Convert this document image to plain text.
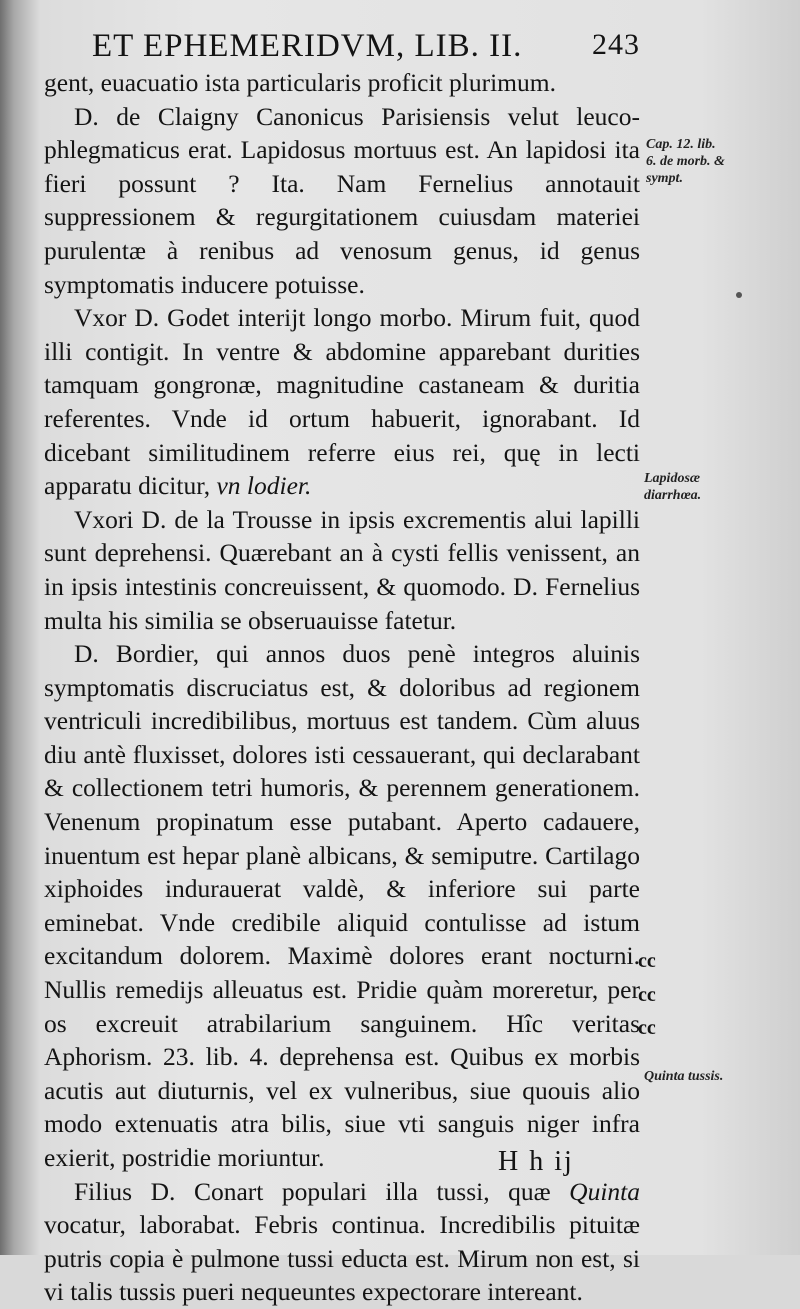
ET EPHEMERIDVM, LIB. II. 243

gent, euacuatio ista particularis proficit plurimum.

D. de Claigny Canonicus Parisiensis velut leuco-phlegmaticus erat. Lapidosus mortuus est. An lapidosi ita fieri possunt ? Ita. Nam Fernelius annotauit suppressionem & regurgitationem cuiusdam materiei purulentæ à renibus ad venosum genus, id genus symptomatis inducere potuisse.

Vxor D. Godet interijt longo morbo. Mirum fuit, quod illi contigit. In ventre & abdomine apparebant durities tamquam gongronæ, magnitudine castaneam & duritia referentes. Vnde id ortum habuerit, ignorabant. Id dicebant similitudinem referre eius rei, quę in lecti apparatu dicitur, vn lodier.

Vxori D. de la Trousse in ipsis excrementis alui lapilli sunt deprehensi. Quærebant an à cysti fellis venissent, an in ipsis intestinis concreuissent, & quomodo. D. Fernelius multa his similia se obseruauisse fatetur.

D. Bordier, qui annos duos penè integros aluinis symptomatis discruciatus est, & doloribus ad regionem ventriculi incredibilibus, mortuus est tandem. Cùm aluus diu antè fluxisset, dolores isti cessauerant, qui declarabant & collectionem tetri humoris, & perennem generationem. Venenum propinatum esse putabant. Aperto cadauere, inuentum est hepar planè albicans, & semiputre. Cartilago xiphoides indurauerat valdè, & inferiore sui parte eminebat. Vnde credibile aliquid contulisse ad istum excitandum dolorem. Maximè dolores erant nocturni. Nullis remedijs alleuatus est. Pridie quàm moreretur, per os excreuit atrabilarium sanguinem. Hîc veritas Aphorism. 23. lib. 4. deprehensa est. Quibus ex morbis acutis aut diuturnis, vel ex vulneribus, siue quouis alio modo extenuatis atra bilis, siue vti sanguis niger infra exierit, postridie moriuntur.

Filius D. Conart populari illa tussi, quæ Quinta vocatur, laborabat. Febris continua. Incredibilis pituitæ putris copia è pulmone tussi educta est. Mirum non est, si vi talis tussis pueri nequeuntes expectorare intereant.

Cap. 12. lib. 6. de morb. & sympt.
Lapidosæ diarrhœa.
Quinta tussis.
cc
cc
cc
H h ij
